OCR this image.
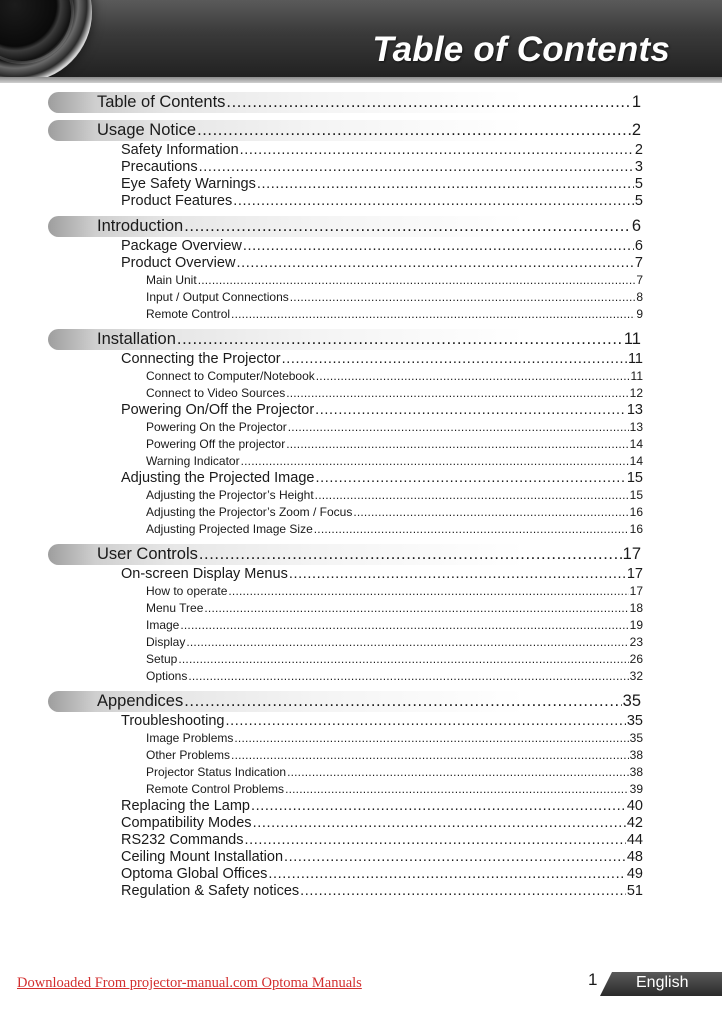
Table of Contents
Table of Contents .....	1
Usage Notice .....	2
Safety Information .....	2
Precautions .....	3
Eye Safety Warnings .....	5
Product Features .....	5
Introduction .....	6
Package Overview .....	6
Product Overview .....	7
Main Unit .....	7
Input / Output Connections .....	8
Remote Control .....	9
Installation .....	11
Connecting the Projector .....	11
Connect to Computer/Notebook .....	11
Connect to Video Sources .....	12
Powering On/Off the Projector .....	13
Powering On the Projector .....	13
Powering Off the projector .....	14
Warning Indicator .....	14
Adjusting the Projected Image .....	15
Adjusting the Projector’s Height .....	15
Adjusting the Projector’s Zoom / Focus .....	16
Adjusting Projected Image Size .....	16
User Controls .....	17
On-screen Display Menus .....	17
How to operate .....	17
Menu Tree .....	18
Image .....	19
Display .....	23
Setup .....	26
Options .....	32
Appendices .....	35
Troubleshooting .....	35
Image Problems .....	35
Other Problems .....	38
Projector Status Indication .....	38
Remote Control Problems .....	39
Replacing the Lamp .....	40
Compatibility Modes .....	42
RS232 Commands .....	44
Ceiling Mount Installation .....	48
Optoma Global Offices .....	49
Regulation & Safety notices .....	51
Downloaded From projector-manual.com Optoma Manuals	1 English
